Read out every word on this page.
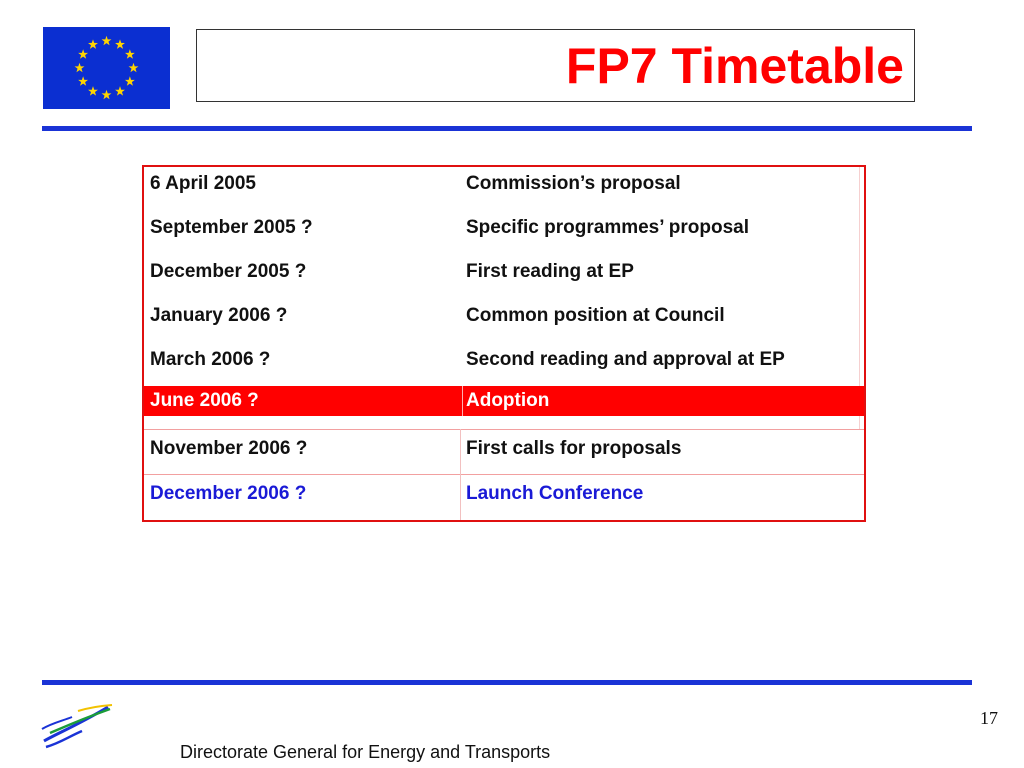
FP7 Timetable
6 April 2005	Commission’s proposal
September 2005 ?	Specific programmes’ proposal
December 2005 ?	First reading at EP
January 2006 ?	Common position at Council
March 2006 ?	Second reading and approval at EP
June 2006 ?	Adoption
November 2006 ?	First calls for proposals
December 2006 ?	Launch Conference
Directorate General for Energy and Transports
17
